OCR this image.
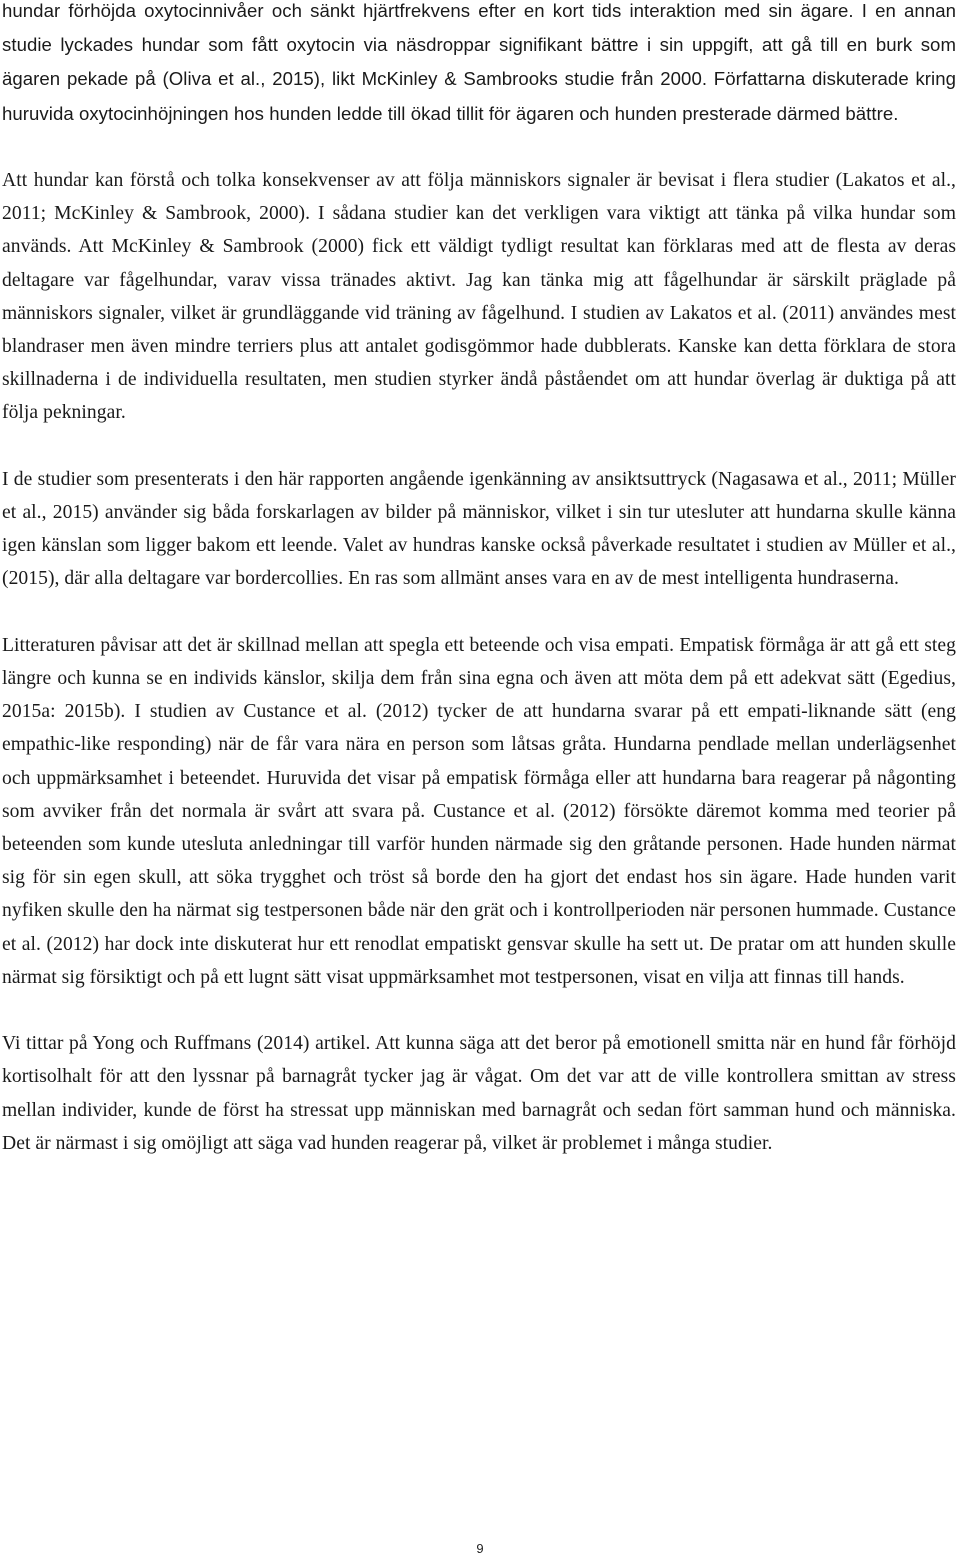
hundar förhöjda oxytocinnivåer och sänkt hjärtfrekvens efter en kort tids interaktion med sin ägare. I en annan studie lyckades hundar som fått oxytocin via näsdroppar signifikant bättre i sin uppgift, att gå till en burk som ägaren pekade på (Oliva et al., 2015), likt McKinley & Sambrooks studie från 2000. Författarna diskuterade kring huruvida oxytocinhöjningen hos hunden ledde till ökad tillit för ägaren och hunden presterade därmed bättre.

Att hundar kan förstå och tolka konsekvenser av att följa människors signaler är bevisat i flera studier (Lakatos et al., 2011; McKinley & Sambrook, 2000). I sådana studier kan det verkligen vara viktigt att tänka på vilka hundar som används. Att McKinley & Sambrook (2000) fick ett väldigt tydligt resultat kan förklaras med att de flesta av deras deltagare var fågelhundar, varav vissa tränades aktivt. Jag kan tänka mig att fågelhundar är särskilt präglade på människors signaler, vilket är grundläggande vid träning av fågelhund. I studien av Lakatos et al. (2011) användes mest blandraser men även mindre terriers plus att antalet godisgömmor hade dubblerats. Kanske kan detta förklara de stora skillnaderna i de individuella resultaten, men studien styrker ändå påståendet om att hundar överlag är duktiga på att följa pekningar.

I de studier som presenterats i den här rapporten angående igenkänning av ansiktsuttryck (Nagasawa et al., 2011; Müller et al., 2015) använder sig båda forskarlagen av bilder på människor, vilket i sin tur utesluter att hundarna skulle känna igen känslan som ligger bakom ett leende. Valet av hundras kanske också påverkade resultatet i studien av Müller et al., (2015), där alla deltagare var bordercollies. En ras som allmänt anses vara en av de mest intelligenta hundraserna.

Litteraturen påvisar att det är skillnad mellan att spegla ett beteende och visa empati. Empatisk förmåga är att gå ett steg längre och kunna se en individs känslor, skilja dem från sina egna och även att möta dem på ett adekvat sätt (Egedius, 2015a: 2015b). I studien av Custance et al. (2012) tycker de att hundarna svarar på ett empati-liknande sätt (eng empathic-like responding) när de får vara nära en person som låtsas gråta. Hundarna pendlade mellan underlägsenhet och uppmärksamhet i beteendet. Huruvida det visar på empatisk förmåga eller att hundarna bara reagerar på någonting som avviker från det normala är svårt att svara på. Custance et al. (2012) försökte däremot komma med teorier på beteenden som kunde utesluta anledningar till varför hunden närmade sig den gråtande personen. Hade hunden närmat sig för sin egen skull, att söka trygghet och tröst så borde den ha gjort det endast hos sin ägare. Hade hunden varit nyfiken skulle den ha närmat sig testpersonen både när den grät och i kontrollperioden när personen hummade. Custance et al. (2012) har dock inte diskuterat hur ett renodlat empatiskt gensvar skulle ha sett ut. De pratar om att hunden skulle närmat sig försiktigt och på ett lugnt sätt visat uppmärksamhet mot testpersonen, visat en vilja att finnas till hands.

Vi tittar på Yong och Ruffmans (2014) artikel. Att kunna säga att det beror på emotionell smitta när en hund får förhöjd kortisolhalt för att den lyssnar på barnagråt tycker jag är vågat. Om det var att de ville kontrollera smittan av stress mellan individer, kunde de först ha stressat upp människan med barnagråt och sedan fört samman hund och människa. Det är närmast i sig omöjligt att säga vad hunden reagerar på, vilket är problemet i många studier.

9
